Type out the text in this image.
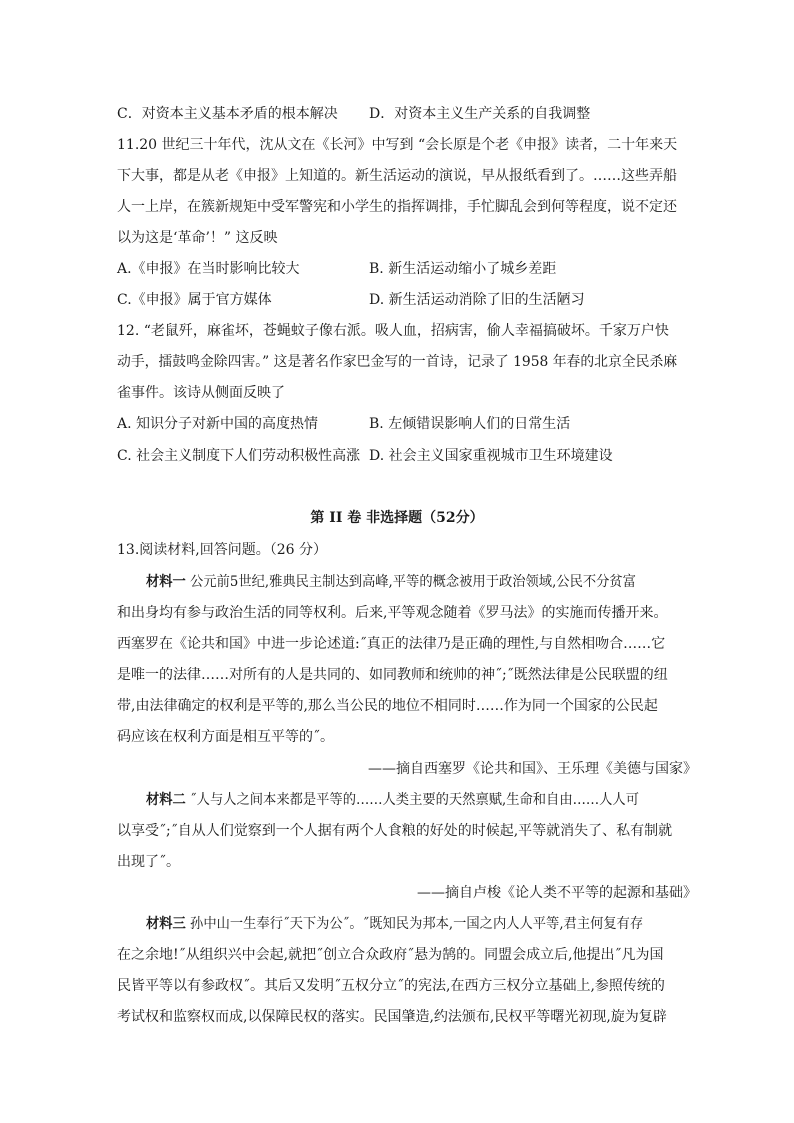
C．对资本主义基本矛盾的根本解决 D．对资本主义生产关系的自我调整
11.20 世纪三十年代，沈从文在《长河》中写到 “会长原是个老《申报》读者，二十年来天
下大事，都是从老《申报》上知道的。新生活运动的演说，早从报纸看到了。……这些弄船
人一上岸，在簇新规矩中受军警宪和小学生的指挥调排，手忙脚乱会到何等程度，说不定还
以为这是‘革命’！” 这反映
A.《申报》在当时影响比较大	B. 新生活运动缩小了城乡差距
C.《申报》属于官方媒体	D. 新生活运动消除了旧的生活陋习
12. “老鼠歼，麻雀坏，苍蝇蚊子像右派。吸人血，招病害，偷人幸福搞破坏。千家万户快
动手，擂鼓鸣金除四害。” 这是著名作家巴金写的一首诗，记录了 1958 年春的北京全民杀麻
雀事件。该诗从侧面反映了
A. 知识分子对新中国的高度热情	B. 左倾错误影响人们的日常生活
C. 社会主义制度下人们劳动积极性高涨 D. 社会主义国家重视城市卫生环境建设
第 II 卷 非选择题（52分）
13.阅读材料,回答问题。（26 分）
材料一 公元前5世纪,雅典民主制达到高峰,平等的概念被用于政治领域,公民不分贫富
和出身均有参与政治生活的同等权利。后来,平等观念随着《罗马法》的实施而传播开来。
西塞罗在《论共和国》中进一步论述道:˝真正的法律乃是正确的理性,与自然相吻合……它
是唯一的法律……对所有的人是共同的、如同教师和统帅的神˝;˝既然法律是公民联盟的纽
带,由法律确定的权利是平等的,那么当公民的地位不相同时……作为同一个国家的公民起
码应该在权利方面是相互平等的˝。
——摘自西塞罗《论共和国》、王乐理《美德与国家》
材料二 ˝人与人之间本来都是平等的……人类主要的天然禀赋,生命和自由……人人可
以享受˝;˝自从人们觉察到一个人据有两个人食粮的好处的时候起,平等就消失了、私有制就
出现了˝。
——摘自卢梭《论人类不平等的起源和基础》
材料三 孙中山一生奉行˝天下为公˝。˝既知民为邦本,一国之内人人平等,君主何复有存
在之余地!˝从组织兴中会起,就把˝创立合众政府˝悬为鹄的。同盟会成立后,他提出˝凡为国
民皆平等以有参政权˝。其后又发明˝五权分立˝的宪法,在西方三权分立基础上,参照传统的
考试权和监察权而成,以保障民权的落实。民国肇造,约法颁布,民权平等曙光初现,旋为复辟
